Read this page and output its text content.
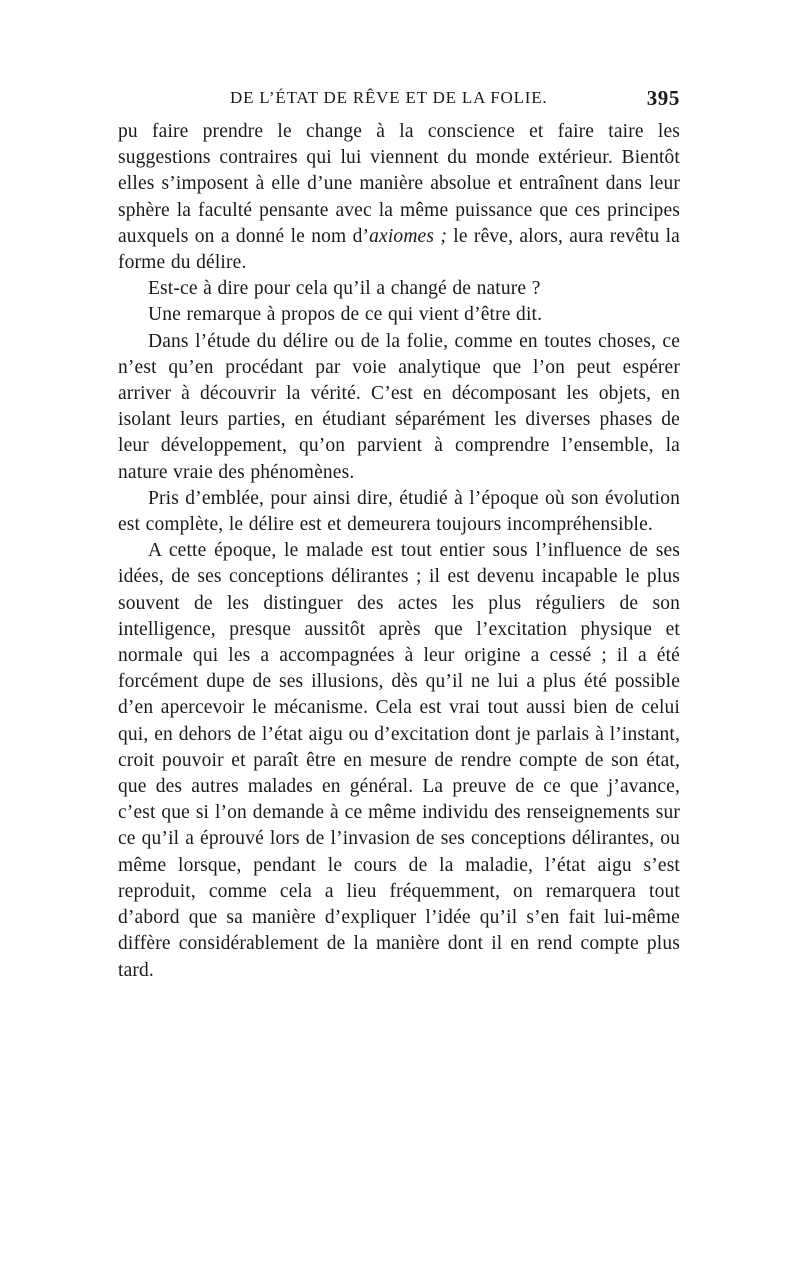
DE L’ÉTAT DE RÊVE ET DE LA FOLIE.	395

pu faire prendre le change à la conscience et faire taire les suggestions contraires qui lui viennent du monde extérieur. Bientôt elles s’imposent à elle d’une manière absolue et entraînent dans leur sphère la faculté pensante avec la même puissance que ces principes auxquels on a donné le nom d’axiomes ; le rêve, alors, aura revêtu la forme du délire.

Est-ce à dire pour cela qu’il a changé de nature ?

Une remarque à propos de ce qui vient d’être dit.

Dans l’étude du délire ou de la folie, comme en toutes choses, ce n’est qu’en procédant par voie analytique que l’on peut espérer arriver à découvrir la vérité. C’est en décomposant les objets, en isolant leurs parties, en étudiant séparément les diverses phases de leur développement, qu’on parvient à comprendre l’ensemble, la nature vraie des phénomènes.

Pris d’emblée, pour ainsi dire, étudié à l’époque où son évolution est complète, le délire est et demeurera toujours incompréhensible.

A cette époque, le malade est tout entier sous l’influence de ses idées, de ses conceptions délirantes ; il est devenu incapable le plus souvent de les distinguer des actes les plus réguliers de son intelligence, presque aussitôt après que l’excitation physique et normale qui les a accompagnées à leur origine a cessé ; il a été forcément dupe de ses illusions, dès qu’il ne lui a plus été possible d’en apercevoir le mécanisme. Cela est vrai tout aussi bien de celui qui, en dehors de l’état aigu ou d’excitation dont je parlais à l’instant, croit pouvoir et paraît être en mesure de rendre compte de son état, que des autres malades en général. La preuve de ce que j’avance, c’est que si l’on demande à ce même individu des renseignements sur ce qu’il a éprouvé lors de l’invasion de ses conceptions délirantes, ou même lorsque, pendant le cours de la maladie, l’état aigu s’est reproduit, comme cela a lieu fréquemment, on remarquera tout d’abord que sa manière d’expliquer l’idée qu’il s’en fait lui-même diffère considérablement de la manière dont il en rend compte plus tard.
